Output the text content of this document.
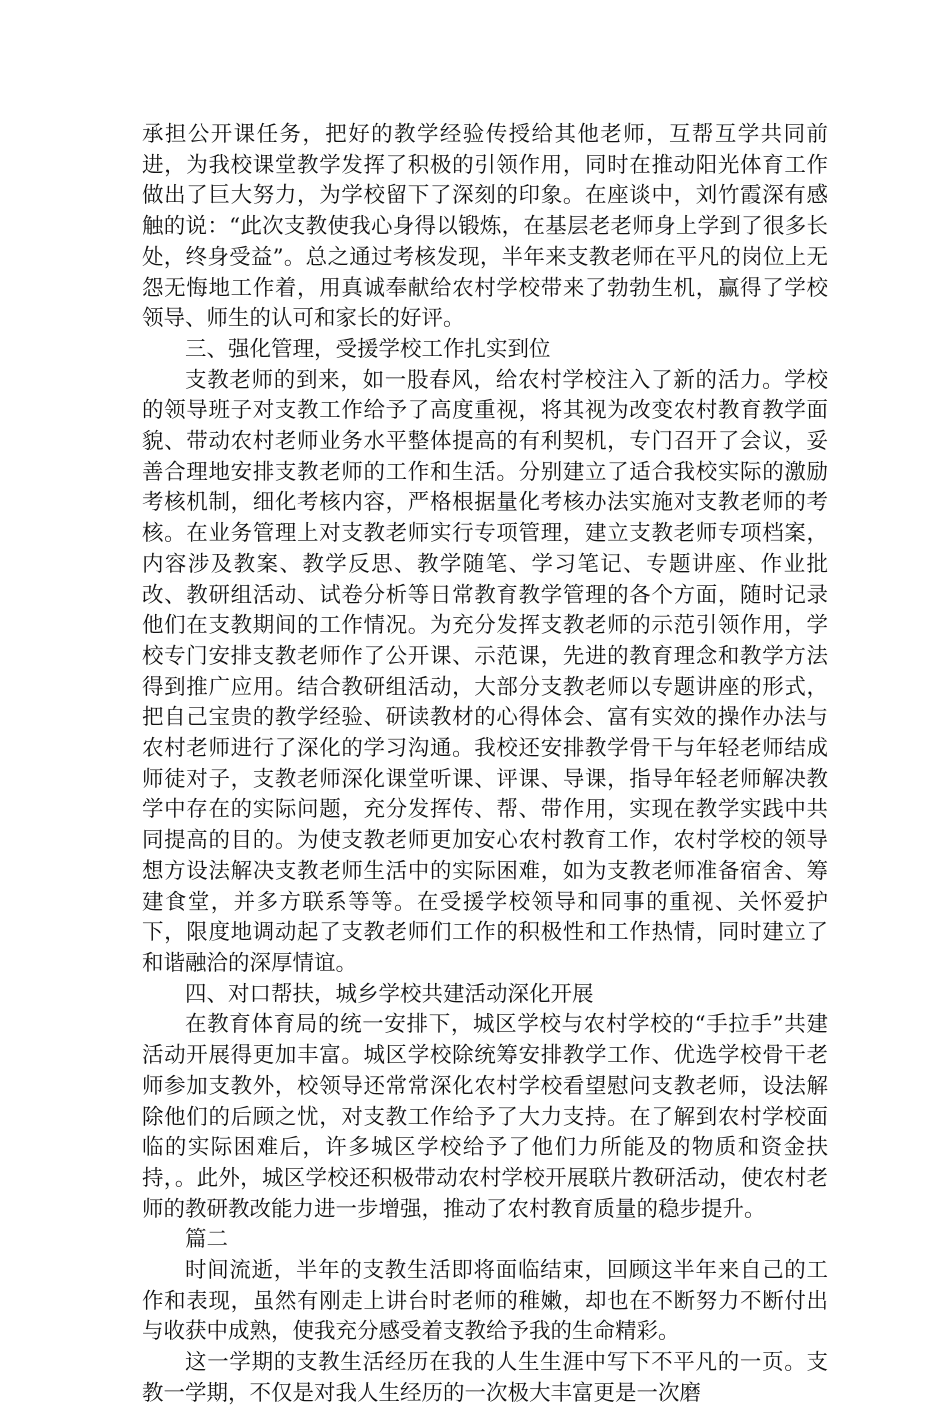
承担公开课任务，把好的教学经验传授给其他老师，互帮互学共同前进，为我校课堂教学发挥了积极的引领作用，同时在推动阳光体育工作做出了巨大努力，为学校留下了深刻的印象。在座谈中，刘竹霞深有感触的说：“此次支教使我心身得以锻炼，在基层老老师身上学到了很多长处，终身受益”。总之通过考核发现，半年来支教老师在平凡的岗位上无怨无悔地工作着，用真诚奉献给农村学校带来了勃勃生机，赢得了学校领导、师生的认可和家长的好评。

三、强化管理，受援学校工作扎实到位

支教老师的到来，如一股春风，给农村学校注入了新的活力。学校的领导班子对支教工作给予了高度重视，将其视为改变农村教育教学面貌、带动农村老师业务水平整体提高的有利契机，专门召开了会议，妥善合理地安排支教老师的工作和生活。分别建立了适合我校实际的激励考核机制，细化考核内容，严格根据量化考核办法实施对支教老师的考核。在业务管理上对支教老师实行专项管理，建立支教老师专项档案，内容涉及教案、教学反思、教学随笔、学习笔记、专题讲座、作业批改、教研组活动、试卷分析等日常教育教学管理的各个方面，随时记录他们在支教期间的工作情况。为充分发挥支教老师的示范引领作用，学校专门安排支教老师作了公开课、示范课，先进的教育理念和教学方法得到推广应用。结合教研组活动，大部分支教老师以专题讲座的形式，把自己宝贵的教学经验、研读教材的心得体会、富有实效的操作办法与农村老师进行了深化的学习沟通。我校还安排教学骨干与年轻老师结成师徒对子，支教老师深化课堂听课、评课、导课，指导年轻老师解决教学中存在的实际问题，充分发挥传、帮、带作用，实现在教学实践中共同提高的目的。为使支教老师更加安心农村教育工作，农村学校的领导想方设法解决支教老师生活中的实际困难，如为支教老师准备宿舍、筹建食堂，并多方联系等等。在受援学校领导和同事的重视、关怀爱护下，限度地调动起了支教老师们工作的积极性和工作热情，同时建立了和谐融洽的深厚情谊。

四、对口帮扶，城乡学校共建活动深化开展

在教育体育局的统一安排下，城区学校与农村学校的“手拉手”共建活动开展得更加丰富。城区学校除统筹安排教学工作、优选学校骨干老师参加支教外，校领导还常常深化农村学校看望慰问支教老师，设法解除他们的后顾之忧，对支教工作给予了大力支持。在了解到农村学校面临的实际困难后，许多城区学校给予了他们力所能及的物质和资金扶持，。此外，城区学校还积极带动农村学校开展联片教研活动，使农村老师的教研教改能力进一步增强，推动了农村教育质量的稳步提升。

篇二

时间流逝，半年的支教生活即将面临结束，回顾这半年来自己的工作和表现，虽然有刚走上讲台时老师的稚嫩，却也在不断努力不断付出与收获中成熟，使我充分感受着支教给予我的生命精彩。

这一学期的支教生活经历在我的人生生涯中写下不平凡的一页。支教一学期，不仅是对我人生经历的一次极大丰富更是一次磨
